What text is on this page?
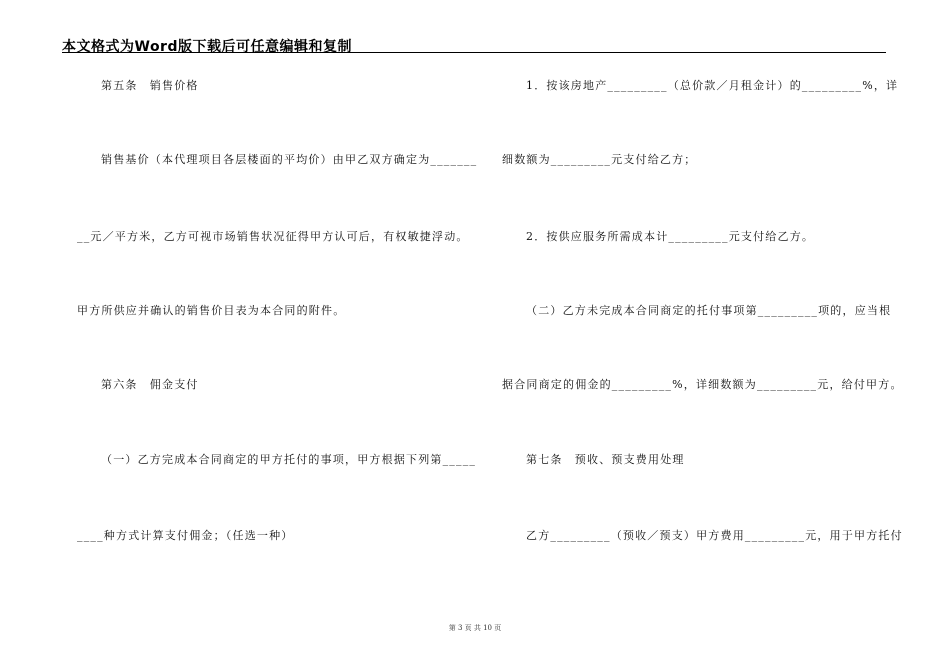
本文格式为Word版下载后可任意编辑和复制
第五条　销售价格
销售基价（本代理项目各层楼面的平均价）由甲乙双方确定为_______
__元／平方米，乙方可视市场销售状况征得甲方认可后，有权敏捷浮动。
甲方所供应并确认的销售价目表为本合同的附件。
第六条　佣金支付
（一）乙方完成本合同商定的甲方托付的事项，甲方根据下列第_____
____种方式计算支付佣金；（任选一种）
1．按该房地产_________（总价款／月租金计）的_________%，详
细数额为_________元支付给乙方；
2．按供应服务所需成本计_________元支付给乙方。
（二）乙方未完成本合同商定的托付事项第_________项的，应当根
据合同商定的佣金的_________%，详细数额为_________元，给付甲方。
第七条　预收、预支费用处理
乙方_________（预收／预支）甲方费用_________元，用于甲方托付
第 3 页 共 10 页
